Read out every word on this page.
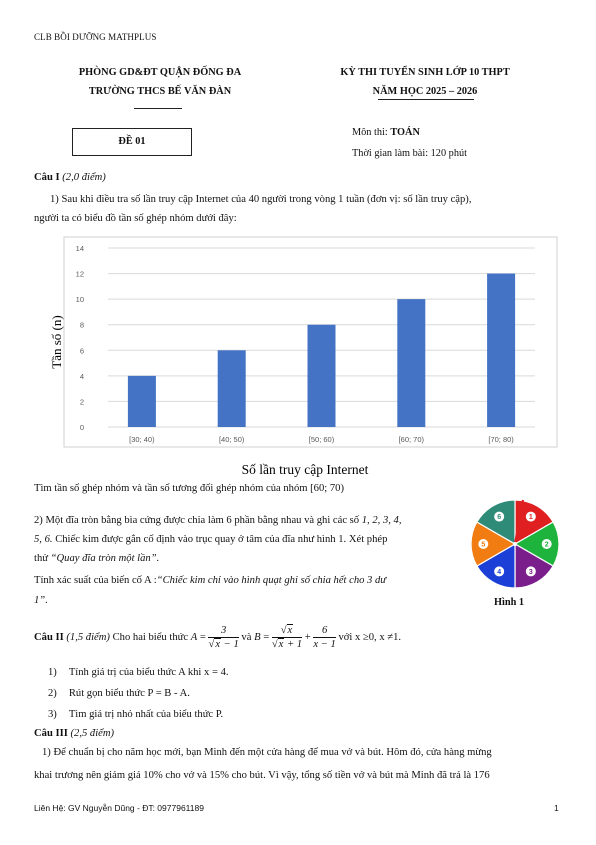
CLB BỒI DƯỠNG MATHPLUS
PHÒNG GD&ĐT QUẬN ĐỐNG ĐA
TRƯỜNG THCS BẾ VĂN ĐÀN
KỲ THI TUYỂN SINH LỚP 10 THPT
NĂM HỌC 2025 – 2026
ĐỀ 01
Môn thi: TOÁN
Thời gian làm bài: 120 phút
Câu I (2,0 điểm)
1) Sau khi điều tra số lần truy cập Internet của 40 người trong vòng 1 tuần (đơn vị: số lần truy cập),
người ta có biểu đồ tần số ghép nhóm dưới đây:
0
2
4
6
8
10
12
14
[30; 40)	[40; 50)	[50; 60)	[60; 70)	[70; 80)
Tần số (n)
Số lần truy cập Internet
Tìm tần số ghép nhóm và tần số tương đối ghép nhóm của nhóm [60; 70)
2) Một đĩa tròn bằng bìa cứng được chia làm 6 phần bằng nhau và ghi các số 1, 2, 3, 4,
5, 6. Chiếc kim được gắn cố định vào trục quay ở tâm của đĩa như hình 1. Xét phép
thử “Quay đĩa tròn một lần”.
Tính xác suất của biến cố A :“Chiếc kim chỉ vào hình quạt ghi số chia hết cho 3 dư
1”.
1
2
3
4
5
6
Hình 1
Câu II (1,5 điểm) Cho hai biểu thức $A = \frac{3}{√x - 1}$ và $B = \frac{√x}{√x + 1} + \frac{6}{x - 1}$ với x ≥0, x ≠1.
1) Tính giá trị của biểu thức A khi x = 4.
2) Rút gọn biểu thức P = B - A.
3) Tìm giá trị nhỏ nhất của biểu thức P.
Câu III (2,5 điểm)
1) Để chuẩn bị cho năm học mới, bạn Minh đến một cửa hàng để mua vở và bút. Hôm đó, cửa hàng mừng
khai trương nên giảm giá 10% cho vở và 15% cho bút. Vì vậy, tổng số tiền vở và bút mà Minh đã trả là 176
Liên Hệ: GV Nguyễn Dũng - ĐT: 0977961189	1
